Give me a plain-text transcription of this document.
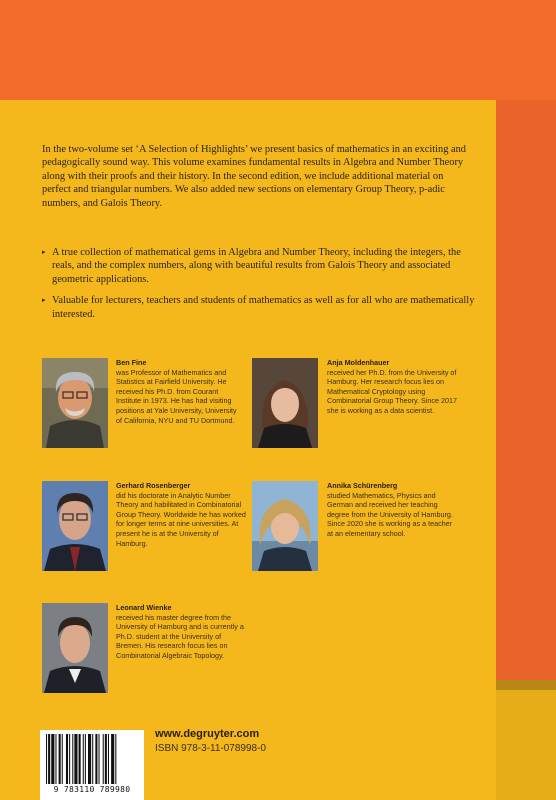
In the two-volume set ‘A Selection of Highlights’ we present basics of mathematics in an exciting and pedagogically sound way. This volume examines fundamental results in Algebra and Number Theory along with their proofs and their history. In the second edition, we include additional material on perfect and triangular numbers. We also added new sections on elementary Group Theory, p-adic numbers, and Galois Theory.

▸ A true collection of mathematical gems in Algebra and Number Theory, including the integers, the reals, and the complex numbers, along with beautiful results from Galois Theory and associated geometric applications.
▸ Valuable for lecturers, teachers and students of mathematics as well as for all who are mathematically interested.
Ben Fine
was Professor of Mathematics and Statistics at Fairfield University. He received his Ph.D. from Courant Institute in 1973. He has had visiting positions at Yale University, University of California, NYU and TU Dortmund.
Anja Moldenhauer
received her Ph.D. from the University of Hamburg. Her research focus lies on Mathematical Cryptology using Combinatorial Group Theory. Since 2017 she is working as a data scientist.
Gerhard Rosenberger
did his doctorate in Analytic Number Theory and habilitated in Combinatorial Group Theory. Worldwide he has worked for longer terms at nine universities. At present he is at the University of Hamburg.
Annika Schürenberg
studied Mathematics, Physics and German and received her teaching degree from the University of Hamburg. Since 2020 she is working as a teacher at an elementary school.
Leonard Wienke
received his master degree from the University of Hamburg and is currently a Ph.D. student at the University of Bremen. His research focus lies on Combinatorial Algebraic Topology.
9 783110 789980
www.degruyter.com
ISBN 978-3-11-078998-0
